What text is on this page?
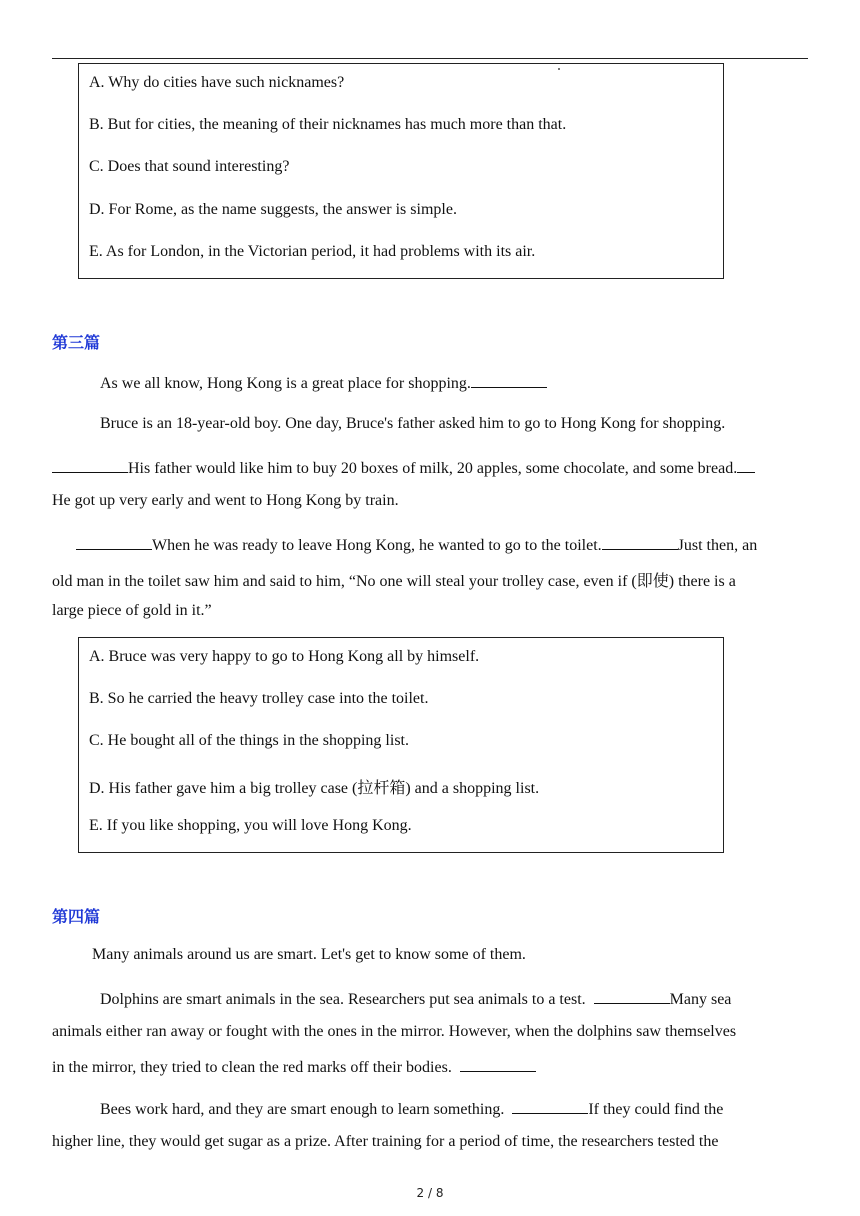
A. Why do cities have such nicknames?
B. But for cities, the meaning of their nicknames has much more than that.
C. Does that sound interesting?
D. For Rome, as the name suggests, the answer is simple.
E. As for London, in the Victorian period, it had problems with its air.
第三篇
As we all know, Hong Kong is a great place for shopping.
Bruce is an 18-year-old boy. One day, Bruce's father asked him to go to Hong Kong for shopping.
His father would like him to buy 20 boxes of milk, 20 apples, some chocolate, and some bread.
He got up very early and went to Hong Kong by train.
When he was ready to leave Hong Kong, he wanted to go to the toilet.	Just then, an
old man in the toilet saw him and said to him, “No one will steal your trolley case, even if (即使) there is a
large piece of gold in it.”
A. Bruce was very happy to go to Hong Kong all by himself.
B. So he carried the heavy trolley case into the toilet.
C. He bought all of the things in the shopping list.
D. His father gave him a big trolley case (拉杆箱) and a shopping list.
E. If you like shopping, you will love Hong Kong.
第四篇
Many animals around us are smart. Let's get to know some of them.
Dolphins are smart animals in the sea. Researchers put sea animals to a test.	Many sea
animals either ran away or fought with the ones in the mirror. However, when the dolphins saw themselves
in the mirror, they tried to clean the red marks off their bodies.
Bees work hard, and they are smart enough to learn something.	If they could find the
higher line, they would get sugar as a prize. After training for a period of time, the researchers tested the
2 / 8
